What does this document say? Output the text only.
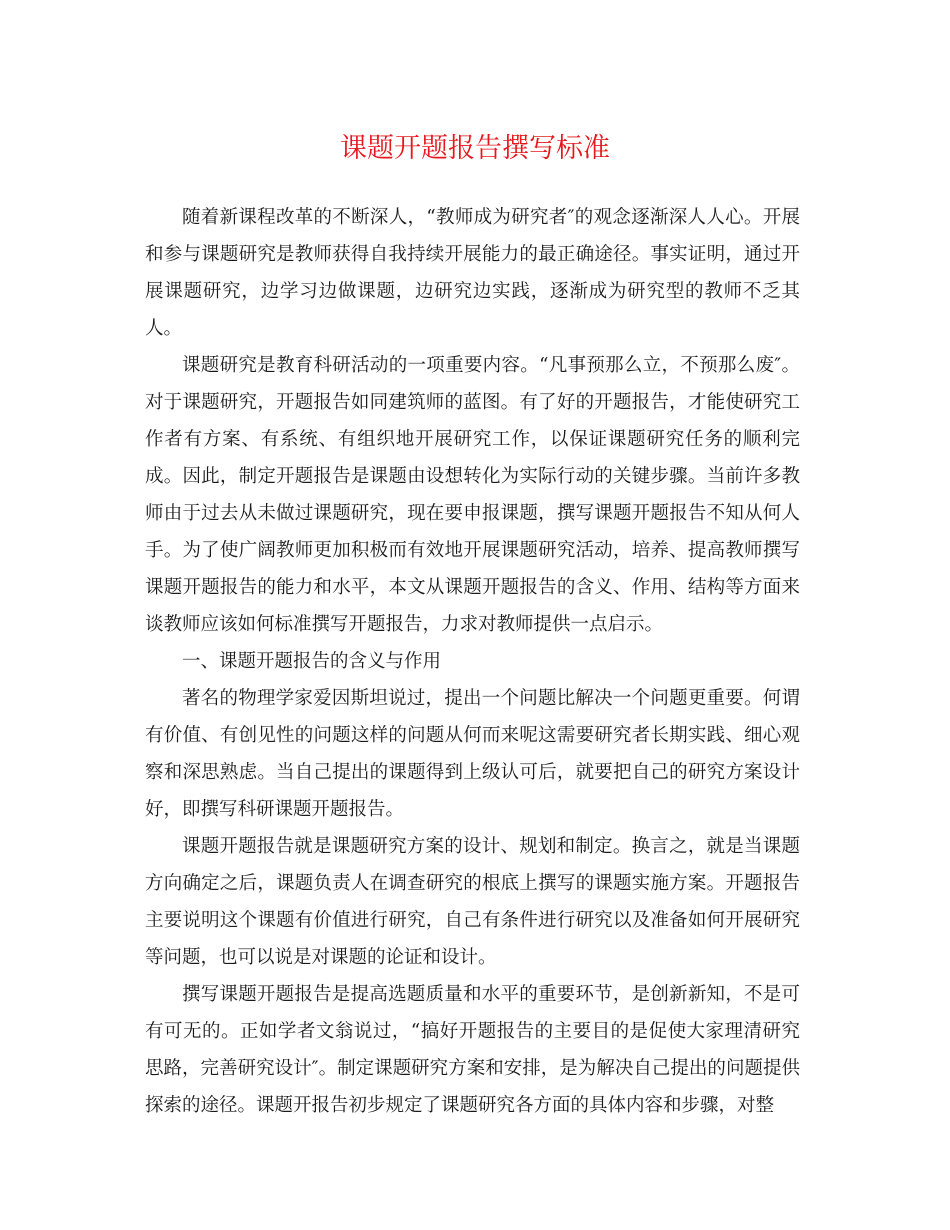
课题开题报告撰写标准

随着新课程改革的不断深人，“教师成为研究者″的观念逐渐深人人心。开展和参与课题研究是教师获得自我持续开展能力的最正确途径。事实证明，通过开展课题研究，边学习边做课题，边研究边实践，逐渐成为研究型的教师不乏其人。

课题研究是教育科研活动的一项重要内容。“凡事预那么立，不预那么废″。对于课题研究，开题报告如同建筑师的蓝图。有了好的开题报告，才能使研究工作者有方案、有系统、有组织地开展研究工作，以保证课题研究任务的顺利完成。因此，制定开题报告是课题由设想转化为实际行动的关键步骤。当前许多教师由于过去从未做过课题研究，现在要申报课题，撰写课题开题报告不知从何人手。为了使广阔教师更加积极而有效地开展课题研究活动，培养、提高教师撰写课题开题报告的能力和水平，本文从课题开题报告的含义、作用、结构等方面来谈教师应该如何标准撰写开题报告，力求对教师提供一点启示。

一、课题开题报告的含义与作用

著名的物理学家爱因斯坦说过，提出一个问题比解决一个问题更重要。何谓有价值、有创见性的问题这样的问题从何而来呢这需要研究者长期实践、细心观察和深思熟虑。当自己提出的课题得到上级认可后，就要把自己的研究方案设计好，即撰写科研课题开题报告。

课题开题报告就是课题研究方案的设计、规划和制定。换言之，就是当课题方向确定之后，课题负责人在调查研究的根底上撰写的课题实施方案。开题报告主要说明这个课题有价值进行研究，自己有条件进行研究以及准备如何开展研究等问题，也可以说是对课题的论证和设计。

撰写课题开题报告是提高选题质量和水平的重要环节，是创新新知，不是可有可无的。正如学者文翁说过，“搞好开题报告的主要目的是促使大家理清研究思路，完善研究设计″。制定课题研究方案和安排，是为解决自己提出的问题提供探索的途径。课题开报告初步规定了课题研究各方面的具体内容和步骤，对整
